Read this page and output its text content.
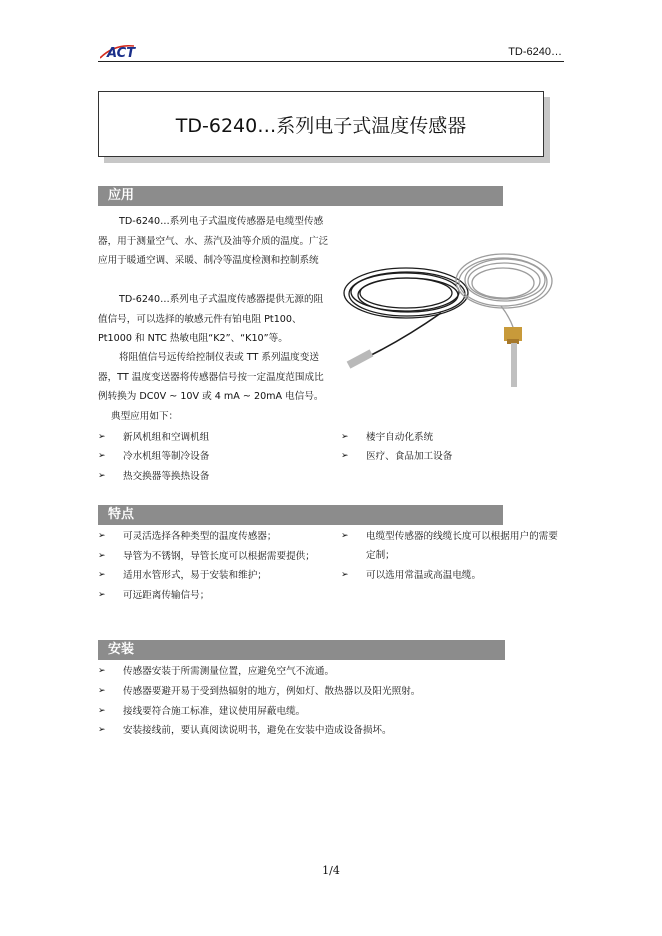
ACT	TD-6240…
TD-6240…系列电子式温度传感器
应用
TD-6240…系列电子式温度传感器是电缆型传感器，用于测量空气、水、蒸汽及油等介质的温度。广泛应用于暖通空调、采暖、制冷等温度检测和控制系统
TD-6240…系列电子式温度传感器提供无源的阻值信号，可以选择的敏感元件有铂电阻 Pt100、Pt1000 和 NTC 热敏电阻“K2”、“K10”等。
将阻值信号远传给控制仪表或 TT 系列温度变送器，TT 温度变送器将传感器信号按一定温度范围成比例转换为 DC0V ~ 10V 或 4 mA ~ 20mA 电信号。
典型应用如下：
➢	新风机组和空调机组
➢	冷水机组等制冷设备
➢	热交换器等换热设备
➢	楼宇自动化系统
➢	医疗、食品加工设备
特点
➢	可灵活选择各种类型的温度传感器；
➢	导管为不锈钢，导管长度可以根据需要提供；
➢	适用水管形式，易于安装和维护；
➢	可远距离传输信号；
➢	电缆型传感器的线缆长度可以根据用户的需要定制；
➢	可以选用常温或高温电缆。
安装
➢	传感器安装于所需测量位置，应避免空气不流通。
➢	传感器要避开易于受到热辐射的地方，例如灯、散热器以及阳光照射。
➢	接线要符合施工标准，建议使用屏蔽电缆。
➢	安装接线前，要认真阅读说明书，避免在安装中造成设备损坏。
1/4
